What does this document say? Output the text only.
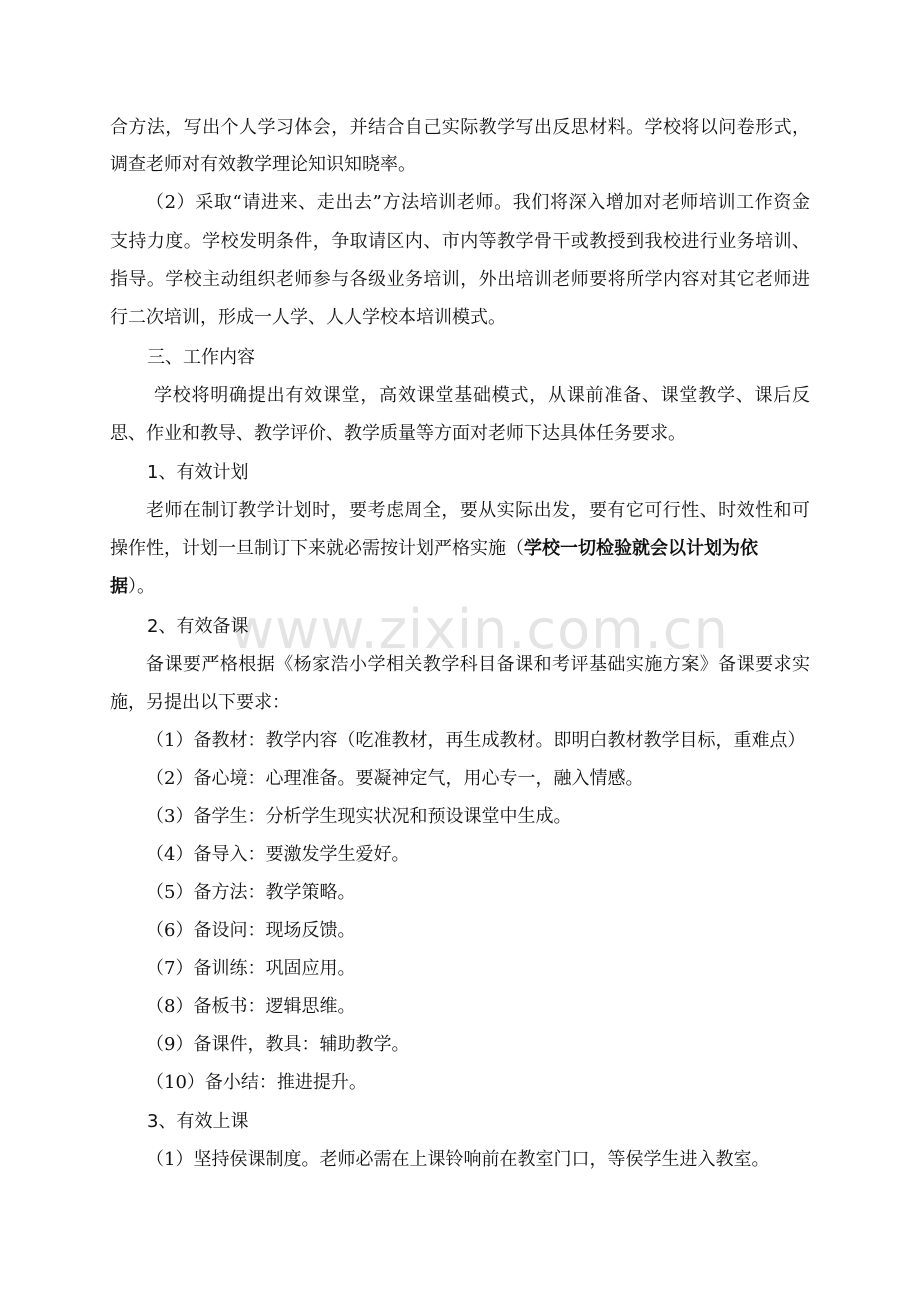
合方法，写出个人学习体会，并结合自己实际教学写出反思材料。学校将以问卷形式，
调查老师对有效教学理论知识知晓率。
（2）采取“请进来、走出去”方法培训老师。我们将深入增加对老师培训工作资金
支持力度。学校发明条件，争取请区内、市内等教学骨干或教授到我校进行业务培训、
指导。学校主动组织老师参与各级业务培训，外出培训老师要将所学内容对其它老师进
行二次培训，形成一人学、人人学校本培训模式。
三、工作内容
学校将明确提出有效课堂，高效课堂基础模式，从课前准备、课堂教学、课后反
思、作业和教导、教学评价、教学质量等方面对老师下达具体任务要求。
1、有效计划
老师在制订教学计划时，要考虑周全，要从实际出发，要有它可行性、时效性和可
操作性，计划一旦制订下来就必需按计划严格实施（学校一切检验就会以计划为依
据）。
2、有效备课
备课要严格根据《杨家浩小学相关教学科目备课和考评基础实施方案》备课要求实
施，另提出以下要求：
（1）备教材：教学内容（吃准教材，再生成教材。即明白教材教学目标，重难点）
（2）备心境：心理准备。要凝神定气，用心专一，融入情感。
（3）备学生：分析学生现实状况和预设课堂中生成。
（4）备导入：要激发学生爱好。
（5）备方法：教学策略。
（6）备设问：现场反馈。
（7）备训练：巩固应用。
（8）备板书：逻辑思维。
（9）备课件，教具：辅助教学。
（10）备小结：推进提升。
3、有效上课
（1）坚持侯课制度。老师必需在上课铃响前在教室门口，等侯学生进入教室。
www.zixin.com.cn
